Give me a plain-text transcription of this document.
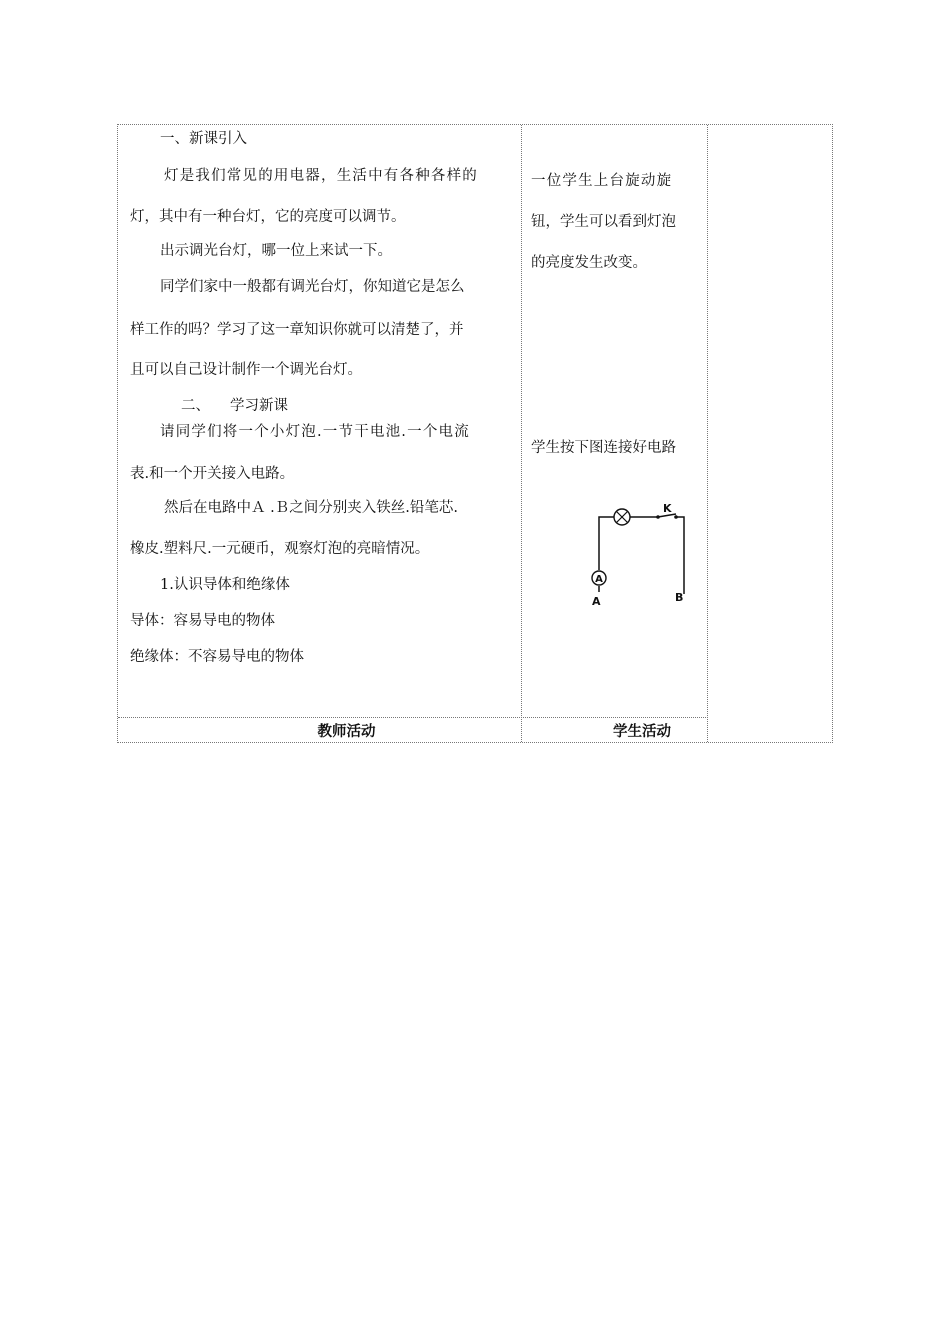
一、新课引入
灯是我们常见的用电器，生活中有各种各样的
灯，其中有一种台灯，它的亮度可以调节。
出示调光台灯，哪一位上来试一下。
同学们家中一般都有调光台灯，你知道它是怎么
样工作的吗？学习了这一章知识你就可以清楚了，并
且可以自己设计制作一个调光台灯。
二、 学习新课
请同学们将一个小灯泡.一节干电池.一个电流
表.和一个开关接入电路。
然后在电路中Ａ .Ｂ之间分别夹入铁丝.铅笔芯.
橡皮.塑料尺.一元硬币，观察灯泡的亮暗情况。
1.认识导体和绝缘体
导体：容易导电的物体
绝缘体：不容易导电的物体
一位学生上台旋动旋
钮，学生可以看到灯泡
的亮度发生改变。
学生按下图连接好电路
教师活动	学生活动
K
A
A	B
